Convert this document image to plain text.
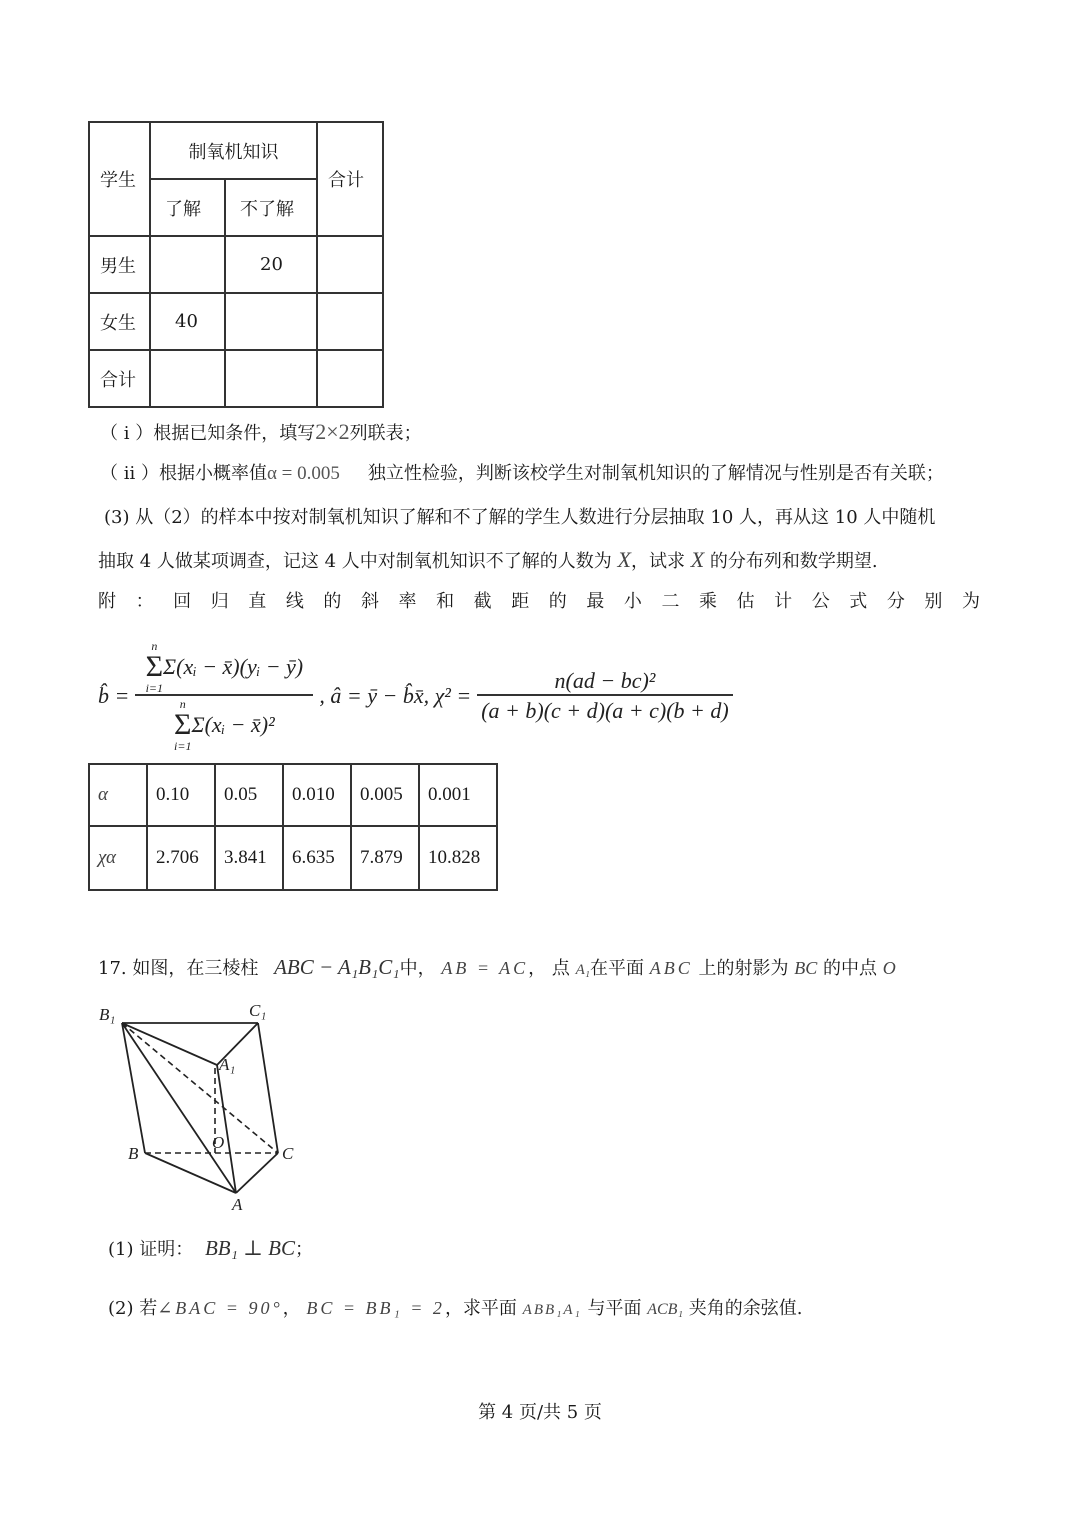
学生	制氧机知识		合计
	了解	不了解	
男生		20	
女生	40		
合计			
（ i ）根据已知条件，填写2×2列联表；
（ ii ）根据小概率值α = 0.005 独立性检验，判断该校学生对制氧机知识的了解情况与性别是否有关联；
(3) 从（2）的样本中按对制氧机知识了解和不了解的学生人数进行分层抽取 10 人，再从这 10 人中随机
抽取 4 人做某项调查，记这 4 人中对制氧机知识不了解的人数为 X，试求 X 的分布列和数学期望.
附 ： 回 归 直 线 的 斜 率 和 截 距 的 最 小 二 乘 估 计 公 式 分 别 为
b̂ = n
Σ
i=1
Σ(xᵢ − x̄)(yᵢ − ȳ)
n
Σ
i=1
Σ(xᵢ − x̄)² , â = ȳ − b̂x̄, $\chi^2 = \frac{\text{n(ad − bc)²}}{(a + b)(c + d)(a + c)(b + d)}$
α	0.10	0.05	0.010	0.005	0.001
χα	2.706	3.841	6.635	7.879	10.828
17. 如图，在三棱柱 ABC − A₁B₁C₁中， AB = AC， 点 A₁在平面 ABC 上的射影为 BC 的中点 O
B₁	C₁
A₁
B
O
C
A
(1) 证明： BB₁ ⊥ BC；
(2) 若∠BAC = 90°， BC = BB₁ = 2，求平面 ABB₁A₁ 与平面 ACB₁ 夹角的余弦值.
第 4 页/共 5 页
